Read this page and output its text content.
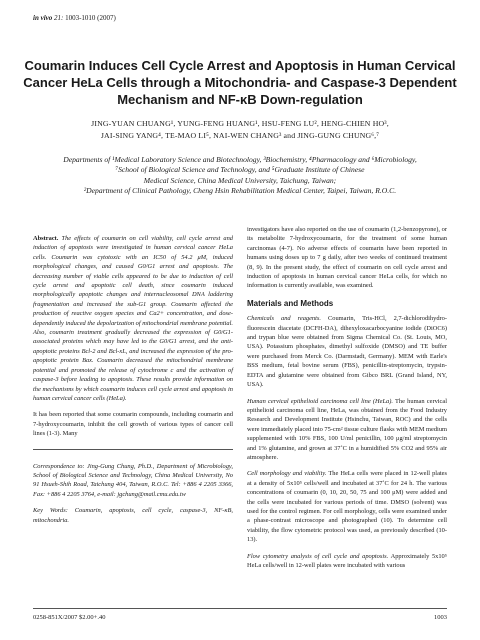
in vivo 21: 1003-1010 (2007)
Coumarin Induces Cell Cycle Arrest and Apoptosis in Human Cervical Cancer HeLa Cells through a Mitochondria- and Caspase-3 Dependent Mechanism and NF-κB Down-regulation
JING-YUAN CHUANG¹, YUNG-FENG HUANG¹, HSU-FENG LU², HENG-CHIEN HO³,
JAI-SING YANG⁴, TE-MAO LI⁵, NAI-WEN CHANG³ and JING-GUNG CHUNG⁶,⁷
Departments of ¹Medical Laboratory Science and Biotechnology, ³Biochemistry, ⁴Pharmacology and ⁶Microbiology,
⁷School of Biological Science and Technology, and ⁵Graduate Institute of Chinese
Medical Science, China Medical University, Taichung, Taiwan;
²Department of Clinical Pathology, Cheng Hsin Rehabilitation Medical Center, Taipei, Taiwan, R.O.C.

Abstract. The effects of coumarin on cell viability, cell cycle arrest and induction of apoptosis were investigated in human cervical cancer HeLa cells. Coumarin was cytotoxic with an IC50 of 54.2 μM, induced morphological changes, and caused G0/G1 arrest and apoptosis. The decreasing number of viable cells appeared to be due to induction of cell cycle arrest and apoptotic cell death, since coumarin induced morphologically apoptotic changes and internucleosomal DNA laddering fragmentation and increased the sub-G1 group. Coumarin affected the production of reactive oxygen species and Ca2+ concentration, and dose-dependently induced the depolarization of mitochondrial membrane potential. Also, coumarin treatment gradually decreased the expression of G0/G1-associated proteins which may have led to the G0/G1 arrest, and the anti-apoptotic proteins Bcl-2 and Bcl-xL, and increased the expression of the pro-apoptotic protein Bax. Coumarin decreased the mitochondrial membrane potential and promoted the release of cytochrome c and the activation of caspase-3 before leading to apoptosis. These results provide information on the mechanisms by which coumarin induces cell cycle arrest and apoptosis in human cervical cancer cells (HeLa).

It has been reported that some coumarin compounds, including coumarin and 7-hydroxycoumarin, inhibit the cell growth of various types of cancer cell lines (1-3). Many

Correspondence to: Jing-Gung Chung, Ph.D., Department of Microbiology, School of Biological Science and Technology, China Medical University, No 91 Hsueh-Shih Road, Taichung 404, Taiwan, R.O.C. Tel: +886 4 2205 3366, Fax: +886 4 2205 3764, e-mail: jgchung@mail.cmu.edu.tw

Key Words: Coumarin, apoptosis, cell cycle, caspase-3, NF-κB, mitochondria.

investigators have also reported on the use of coumarin (1,2-benzopyrone), or its metabolite 7-hydroxycoumarin, for the treatment of some human carcinomas (4-7). No adverse effects of coumarin have been reported in humans using doses up to 7 g daily, after two weeks of continued treatment (8, 9). In the present study, the effect of coumarin on cell cycle arrest and induction of apoptosis in human cervical cancer HeLa cells, for which no information is currently available, was examined.

Materials and Methods

Chemicals and reagents. Coumarin, Tris-HCl, 2,7-dichlorodihydro-fluorescein diacetate (DCFH-DA), dihexyloxacarbocyanine iodide (DiOC6) and trypan blue were obtained from Sigma Chemical Co. (St. Louis, MO, USA). Potassium phosphates, dimethyl sulfoxide (DMSO) and TE buffer were purchased from Merck Co. (Darmstadt, Germany). MEM with Earle's BSS medium, fetal bovine serum (FBS), penicillin-streptomycin, trypsin-EDTA and glutamine were obtained from Gibco BRL (Grand Island, NY, USA).

Human cervical epithelioid carcinoma cell line (HeLa). The human cervical epithelioid carcinoma cell line, HeLa, was obtained from the Food Industry Research and Development Institute (Hsinchu, Taiwan, ROC) and the cells were immediately placed into 75-cm² tissue culture flasks with MEM medium supplemented with 10% FBS, 100 U/ml penicillin, 100 μg/ml streptomycin and 1% glutamine, and grown at 37˚C in a humidified 5% CO2 and 95% air atmosphere.

Cell morphology and viability. The HeLa cells were placed in 12-well plates at a density of 5x10⁵ cells/well and incubated at 37˚C for 24 h. The various concentrations of coumarin (0, 10, 20, 50, 75 and 100 μM) were added and the cells were incubated for various periods of time. DMSO (solvent) was used for the control regimen. For cell morphology, cells were examined under a phase-contrast microscope and photographed (10). To determine cell viability, the flow cytometric protocol was used, as previously described (10-13).

Flow cytometry analysis of cell cycle and apoptosis. Approximately 5x10⁵ HeLa cells/well in 12-well plates were incubated with various

0258-851X/2007 $2.00+.40	1003
